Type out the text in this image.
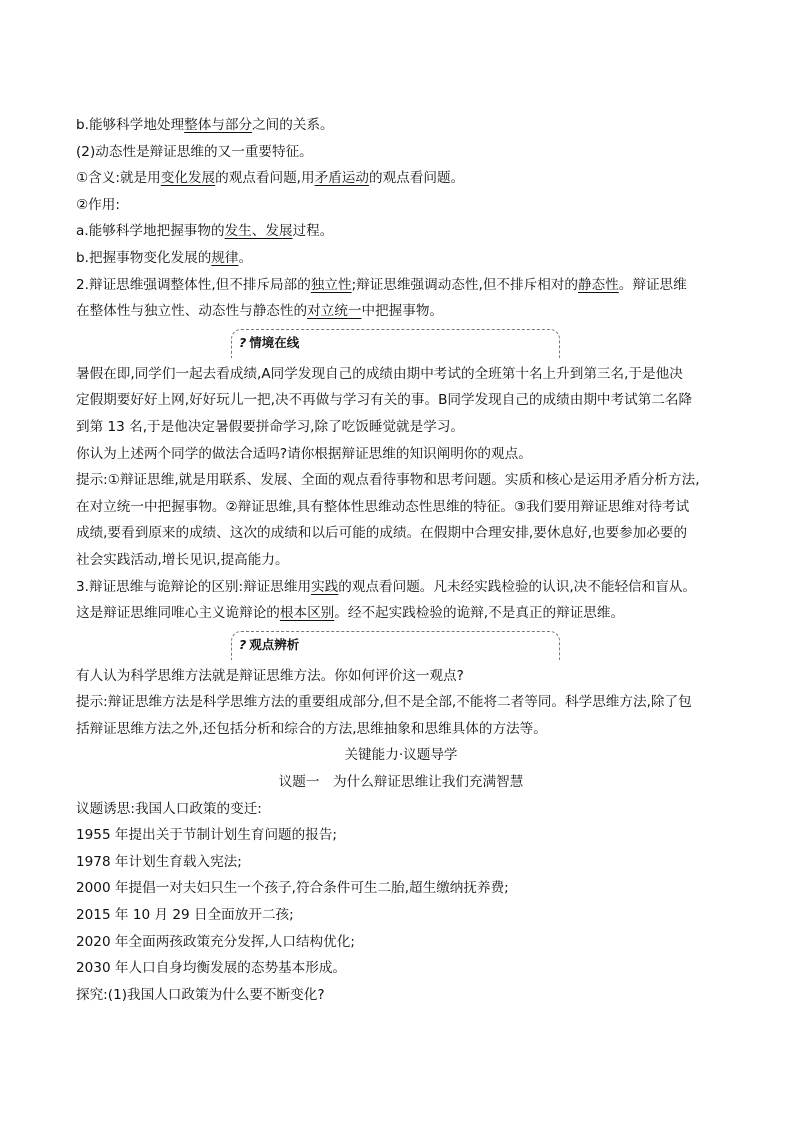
b.能够科学地处理整体与部分之间的关系。
(2)动态性是辩证思维的又一重要特征。
①含义:就是用变化发展的观点看问题,用矛盾运动的观点看问题。
②作用:
a.能够科学地把握事物的发生、发展过程。
b.把握事物变化发展的规律。
2.辩证思维强调整体性,但不排斥局部的独立性;辩证思维强调动态性,但不排斥相对的静态性。辩证思维
在整体性与独立性、动态性与静态性的对立统一中把握事物。
? 情境在线
暑假在即,同学们一起去看成绩,A同学发现自己的成绩由期中考试的全班第十名上升到第三名,于是他决
定假期要好好上网,好好玩儿一把,决不再做与学习有关的事。B同学发现自己的成绩由期中考试第二名降
到第 13 名,于是他决定暑假要拼命学习,除了吃饭睡觉就是学习。
你认为上述两个同学的做法合适吗?请你根据辩证思维的知识阐明你的观点。
提示:①辩证思维,就是用联系、发展、全面的观点看待事物和思考问题。实质和核心是运用矛盾分析方法,
在对立统一中把握事物。②辩证思维,具有整体性思维动态性思维的特征。③我们要用辩证思维对待考试
成绩,要看到原来的成绩、这次的成绩和以后可能的成绩。在假期中合理安排,要休息好,也要参加必要的
社会实践活动,增长见识,提高能力。
3.辩证思维与诡辩论的区别:辩证思维用实践的观点看问题。凡未经实践检验的认识,决不能轻信和盲从。
这是辩证思维同唯心主义诡辩论的根本区别。经不起实践检验的诡辩,不是真正的辩证思维。
? 观点辨析
有人认为科学思维方法就是辩证思维方法。你如何评价这一观点?
提示:辩证思维方法是科学思维方法的重要组成部分,但不是全部,不能将二者等同。科学思维方法,除了包
括辩证思维方法之外,还包括分析和综合的方法,思维抽象和思维具体的方法等。
关键能力·议题导学
议题一　为什么辩证思维让我们充满智慧
议题诱思:我国人口政策的变迁:
1955 年提出关于节制计划生育问题的报告;
1978 年计划生育载入宪法;
2000 年提倡一对夫妇只生一个孩子,符合条件可生二胎,超生缴纳抚养费;
2015 年 10 月 29 日全面放开二孩;
2020 年全面两孩政策充分发挥,人口结构优化;
2030 年人口自身均衡发展的态势基本形成。
探究:(1)我国人口政策为什么要不断变化?
